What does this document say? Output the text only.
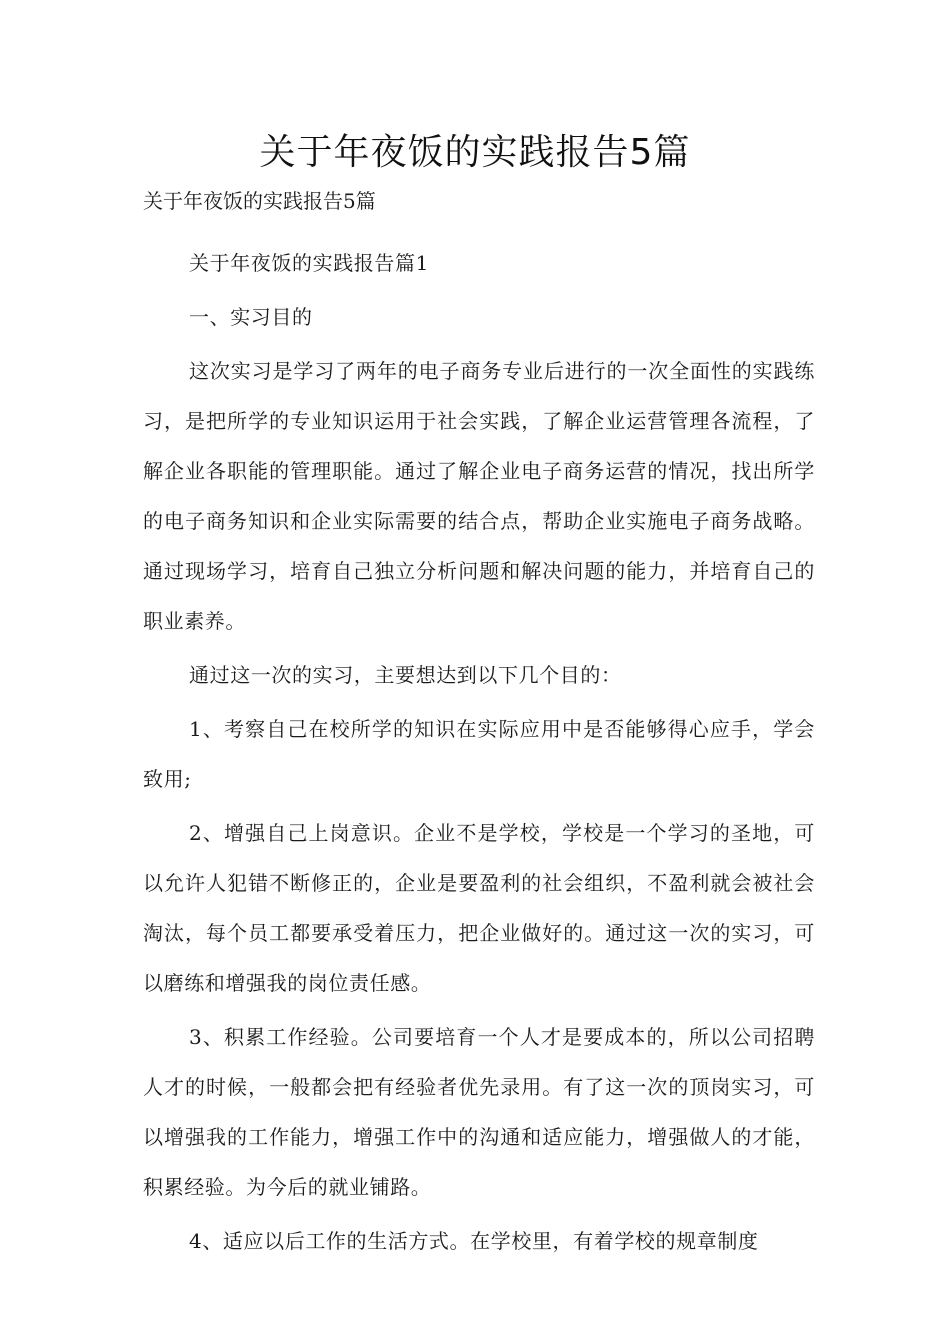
关于年夜饭的实践报告5篇

关于年夜饭的实践报告5篇

关于年夜饭的实践报告篇1

一、实习目的

这次实习是学习了两年的电子商务专业后进行的一次全面性的实践练习，是把所学的专业知识运用于社会实践，了解企业运营管理各流程，了解企业各职能的管理职能。通过了解企业电子商务运营的情况，找出所学的电子商务知识和企业实际需要的结合点，帮助企业实施电子商务战略。通过现场学习，培育自己独立分析问题和解决问题的能力，并培育自己的职业素养。

通过这一次的实习，主要想达到以下几个目的：

1、考察自己在校所学的知识在实际应用中是否能够得心应手，学会致用;

2、增强自己上岗意识。企业不是学校，学校是一个学习的圣地，可以允许人犯错不断修正的，企业是要盈利的社会组织，不盈利就会被社会淘汰，每个员工都要承受着压力，把企业做好的。通过这一次的实习，可以磨练和增强我的岗位责任感。

3、积累工作经验。公司要培育一个人才是要成本的，所以公司招聘人才的时候，一般都会把有经验者优先录用。有了这一次的顶岗实习，可以增强我的工作能力，增强工作中的沟通和适应能力，增强做人的才能，积累经验。为今后的就业铺路。

4、适应以后工作的生活方式。在学校里，有着学校的规章制度
